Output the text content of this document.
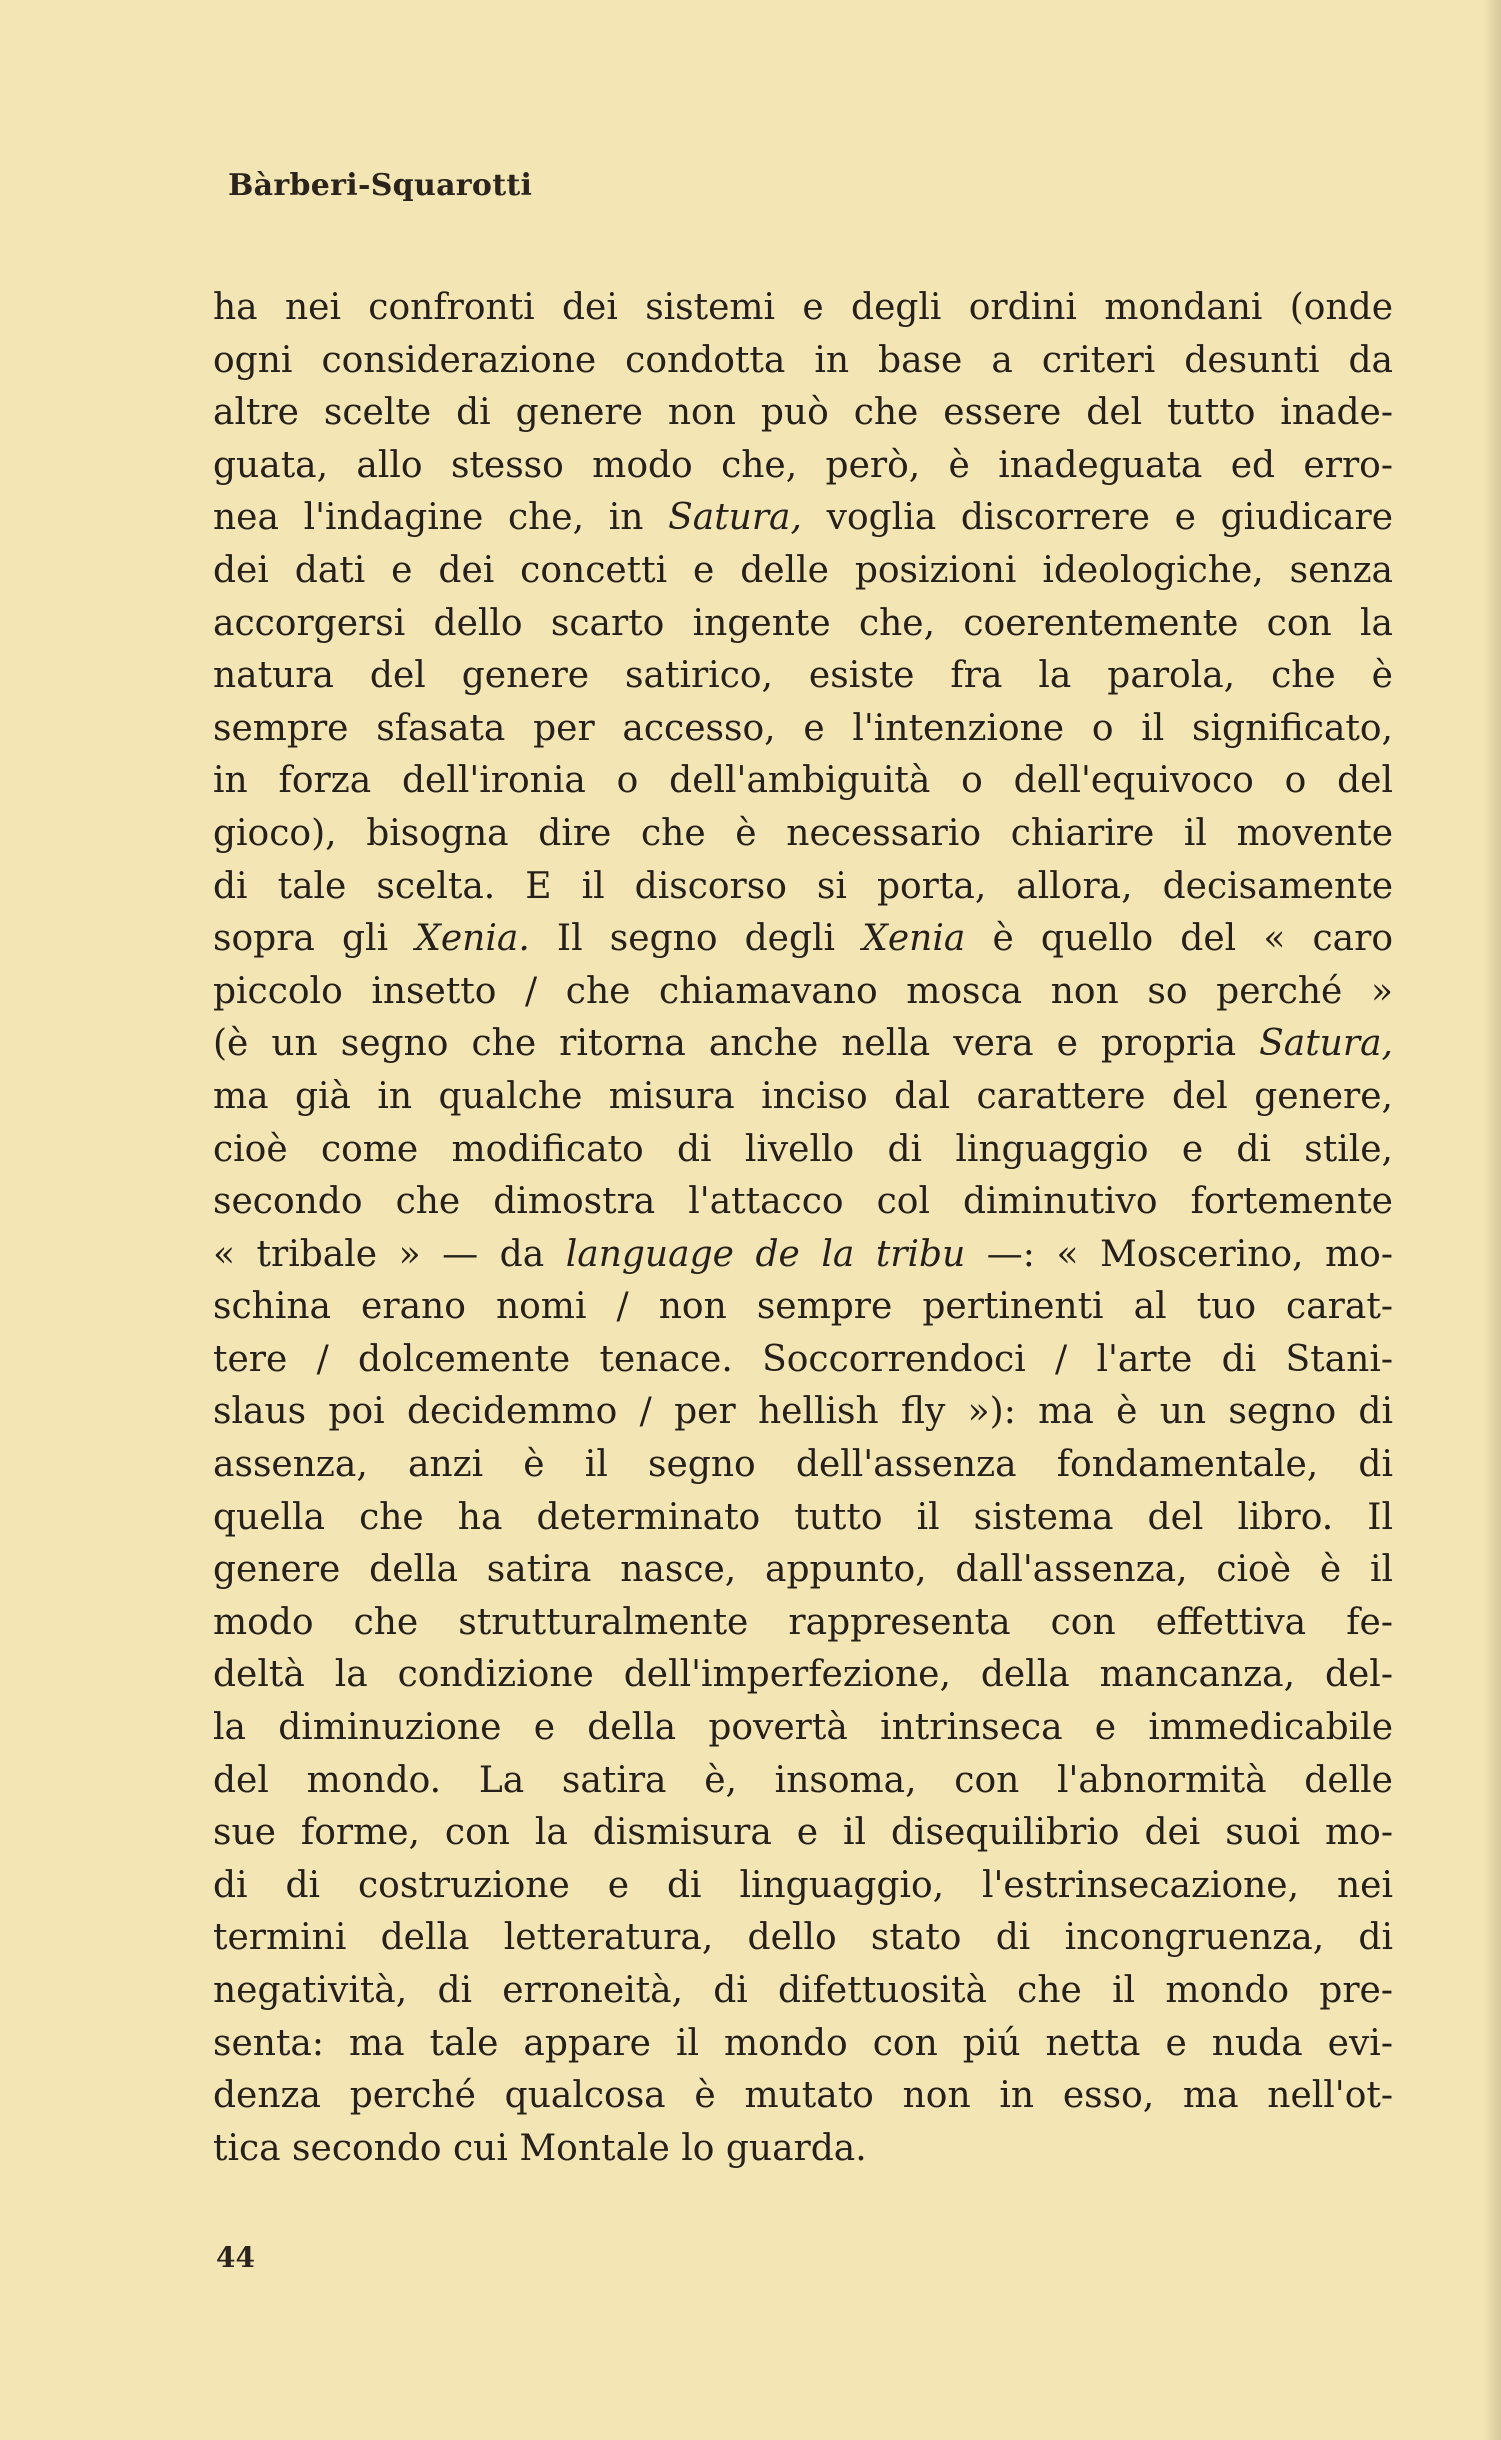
Bàrberi-Squarotti
ha nei confronti dei sistemi e degli ordini mondani (onde
ogni considerazione condotta in base a criteri desunti da
altre scelte di genere non può che essere del tutto inade-
guata, allo stesso modo che, però, è inadeguata ed erro-
nea l'indagine che, in Satura, voglia discorrere e giudicare
dei dati e dei concetti e delle posizioni ideologiche, senza
accorgersi dello scarto ingente che, coerentemente con la
natura del genere satirico, esiste fra la parola, che è
sempre sfasata per accesso, e l'intenzione o il significato,
in forza dell'ironia o dell'ambiguità o dell'equivoco o del
gioco), bisogna dire che è necessario chiarire il movente
di tale scelta. E il discorso si porta, allora, decisamente
sopra gli Xenia. Il segno degli Xenia è quello del « caro
piccolo insetto / che chiamavano mosca non so perché »
(è un segno che ritorna anche nella vera e propria Satura,
ma già in qualche misura inciso dal carattere del genere,
cioè come modificato di livello di linguaggio e di stile,
secondo che dimostra l'attacco col diminutivo fortemente
« tribale » — da language de la tribu —: « Moscerino, mo-
schina erano nomi / non sempre pertinenti al tuo carat-
tere / dolcemente tenace. Soccorrendoci / l'arte di Stani-
slaus poi decidemmo / per hellish fly »): ma è un segno di
assenza, anzi è il segno dell'assenza fondamentale, di
quella che ha determinato tutto il sistema del libro. Il
genere della satira nasce, appunto, dall'assenza, cioè è il
modo che strutturalmente rappresenta con effettiva fe-
deltà la condizione dell'imperfezione, della mancanza, del-
la diminuzione e della povertà intrinseca e immedicabile
del mondo. La satira è, insoma, con l'abnormità delle
sue forme, con la dismisura e il disequilibrio dei suoi mo-
di di costruzione e di linguaggio, l'estrinsecazione, nei
termini della letteratura, dello stato di incongruenza, di
negatività, di erroneità, di difettuosità che il mondo pre-
senta: ma tale appare il mondo con piú netta e nuda evi-
denza perché qualcosa è mutato non in esso, ma nell'ot-
tica secondo cui Montale lo guarda.
44
